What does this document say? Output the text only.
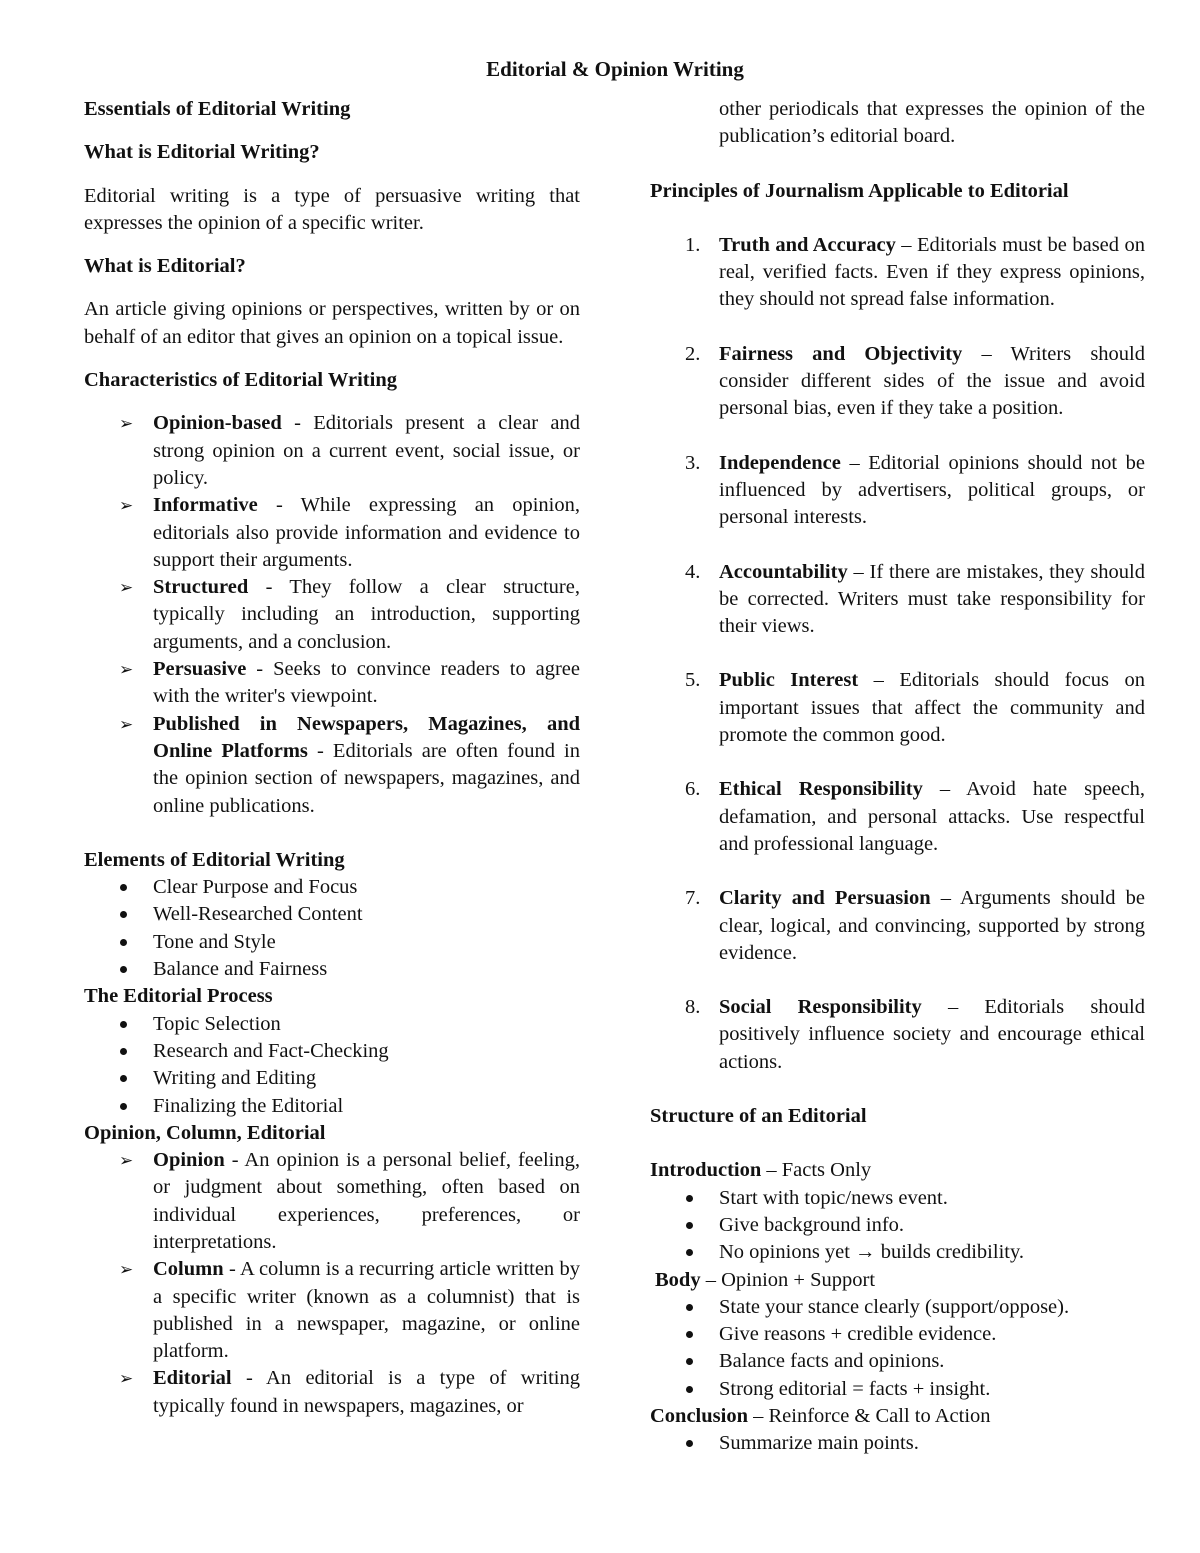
Editorial & Opinion Writing
Essentials of Editorial Writing
What is Editorial Writing?

Editorial writing is a type of persuasive writing that expresses the opinion of a specific writer.

What is Editorial?

An article giving opinions or perspectives, written by or on behalf of an editor that gives an opinion on a topical issue.

Characteristics of Editorial Writing
➢ Opinion-based - Editorials present a clear and strong opinion on a current event, social issue, or policy.
➢ Informative - While expressing an opinion, editorials also provide information and evidence to support their arguments.
➢ Structured - They follow a clear structure, typically including an introduction, supporting arguments, and a conclusion.
➢ Persuasive - Seeks to convince readers to agree with the writer's viewpoint.
➢ Published in Newspapers, Magazines, and Online Platforms - Editorials are often found in the opinion section of newspapers, magazines, and online publications.
Elements of Editorial Writing
Clear Purpose and Focus
Well-Researched Content
Tone and Style
Balance and Fairness
The Editorial Process
Topic Selection
Research and Fact-Checking
Writing and Editing
Finalizing the Editorial
Opinion, Column, Editorial
➢ Opinion - An opinion is a personal belief, feeling, or judgment about something, often based on individual experiences, preferences, or interpretations.
➢ Column - A column is a recurring article written by a specific writer (known as a columnist) that is published in a newspaper, magazine, or online platform.
➢ Editorial - An editorial is a type of writing typically found in newspapers, magazines, or
other periodicals that expresses the opinion of the publication’s editorial board.
Principles of Journalism Applicable to Editorial
1. Truth and Accuracy – Editorials must be based on real, verified facts. Even if they express opinions, they should not spread false information.
2. Fairness and Objectivity – Writers should consider different sides of the issue and avoid personal bias, even if they take a position.
3. Independence – Editorial opinions should not be influenced by advertisers, political groups, or personal interests.
4. Accountability – If there are mistakes, they should be corrected. Writers must take responsibility for their views.
5. Public Interest – Editorials should focus on important issues that affect the community and promote the common good.
6. Ethical Responsibility – Avoid hate speech, defamation, and personal attacks. Use respectful and professional language.
7. Clarity and Persuasion – Arguments should be clear, logical, and convincing, supported by strong evidence.
8. Social Responsibility – Editorials should positively influence society and encourage ethical actions.
Structure of an Editorial
Introduction – Facts Only
Start with topic/news event.
Give background info.
No opinions yet → builds credibility.
Body – Opinion + Support
State your stance clearly (support/oppose).
Give reasons + credible evidence.
Balance facts and opinions.
Strong editorial = facts + insight.
Conclusion – Reinforce & Call to Action
Summarize main points.
